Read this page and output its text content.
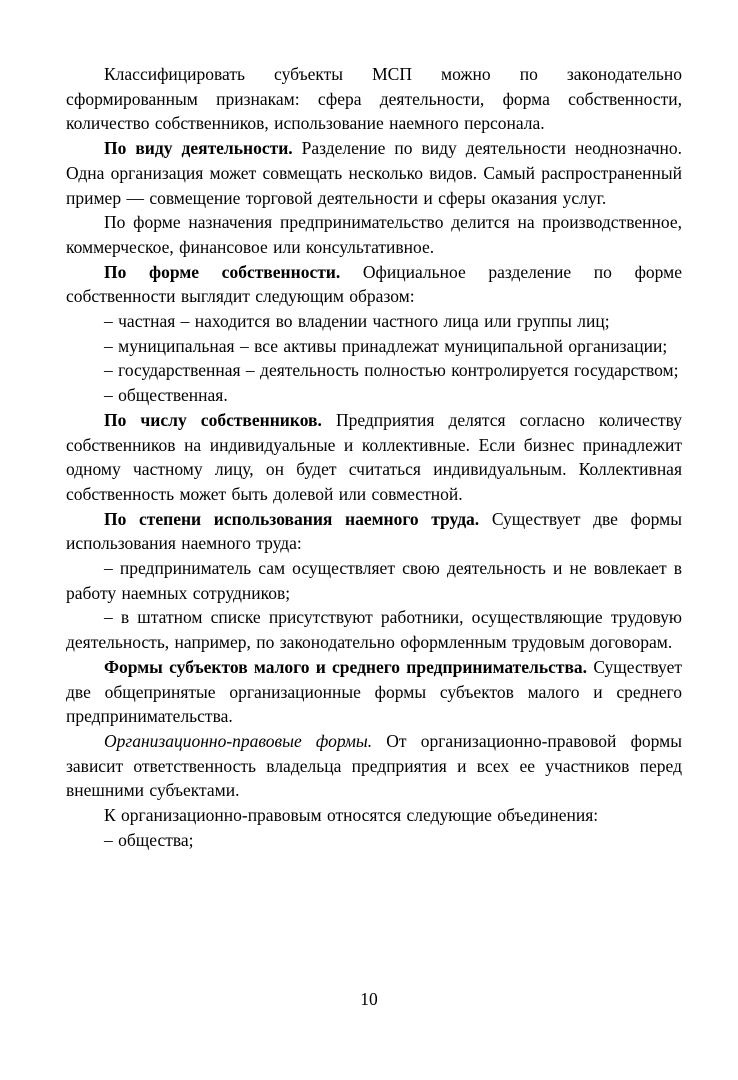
Классифицировать субъекты МСП можно по законодательно сформированным признакам: сфера деятельности, форма собственности, количество собственников, использование наемного персонала.

По виду деятельности. Разделение по виду деятельности неоднозначно. Одна организация может совмещать несколько видов. Самый распространенный пример — совмещение торговой деятельности и сферы оказания услуг.

По форме назначения предпринимательство делится на производственное, коммерческое, финансовое или консультативное.

По форме собственности. Официальное разделение по форме собственности выглядит следующим образом:

– частная – находится во владении частного лица или группы лиц;

– муниципальная – все активы принадлежат муниципальной организации;

– государственная – деятельность полностью контролируется государством;

– общественная.

По числу собственников. Предприятия делятся согласно количеству собственников на индивидуальные и коллективные. Если бизнес принадлежит одному частному лицу, он будет считаться индивидуальным. Коллективная собственность может быть долевой или совместной.

По степени использования наемного труда. Существует две формы использования наемного труда:

– предприниматель сам осуществляет свою деятельность и не вовлекает в работу наемных сотрудников;

– в штатном списке присутствуют работники, осуществляющие трудовую деятельность, например, по законодательно оформленным трудовым договорам.

Формы субъектов малого и среднего предпринимательства. Существует две общепринятые организационные формы субъектов малого и среднего предпринимательства.

Организационно-правовые формы. От организационно-правовой формы зависит ответственность владельца предприятия и всех ее участников перед внешними субъектами.

К организационно-правовым относятся следующие объединения:

– общества;

10
